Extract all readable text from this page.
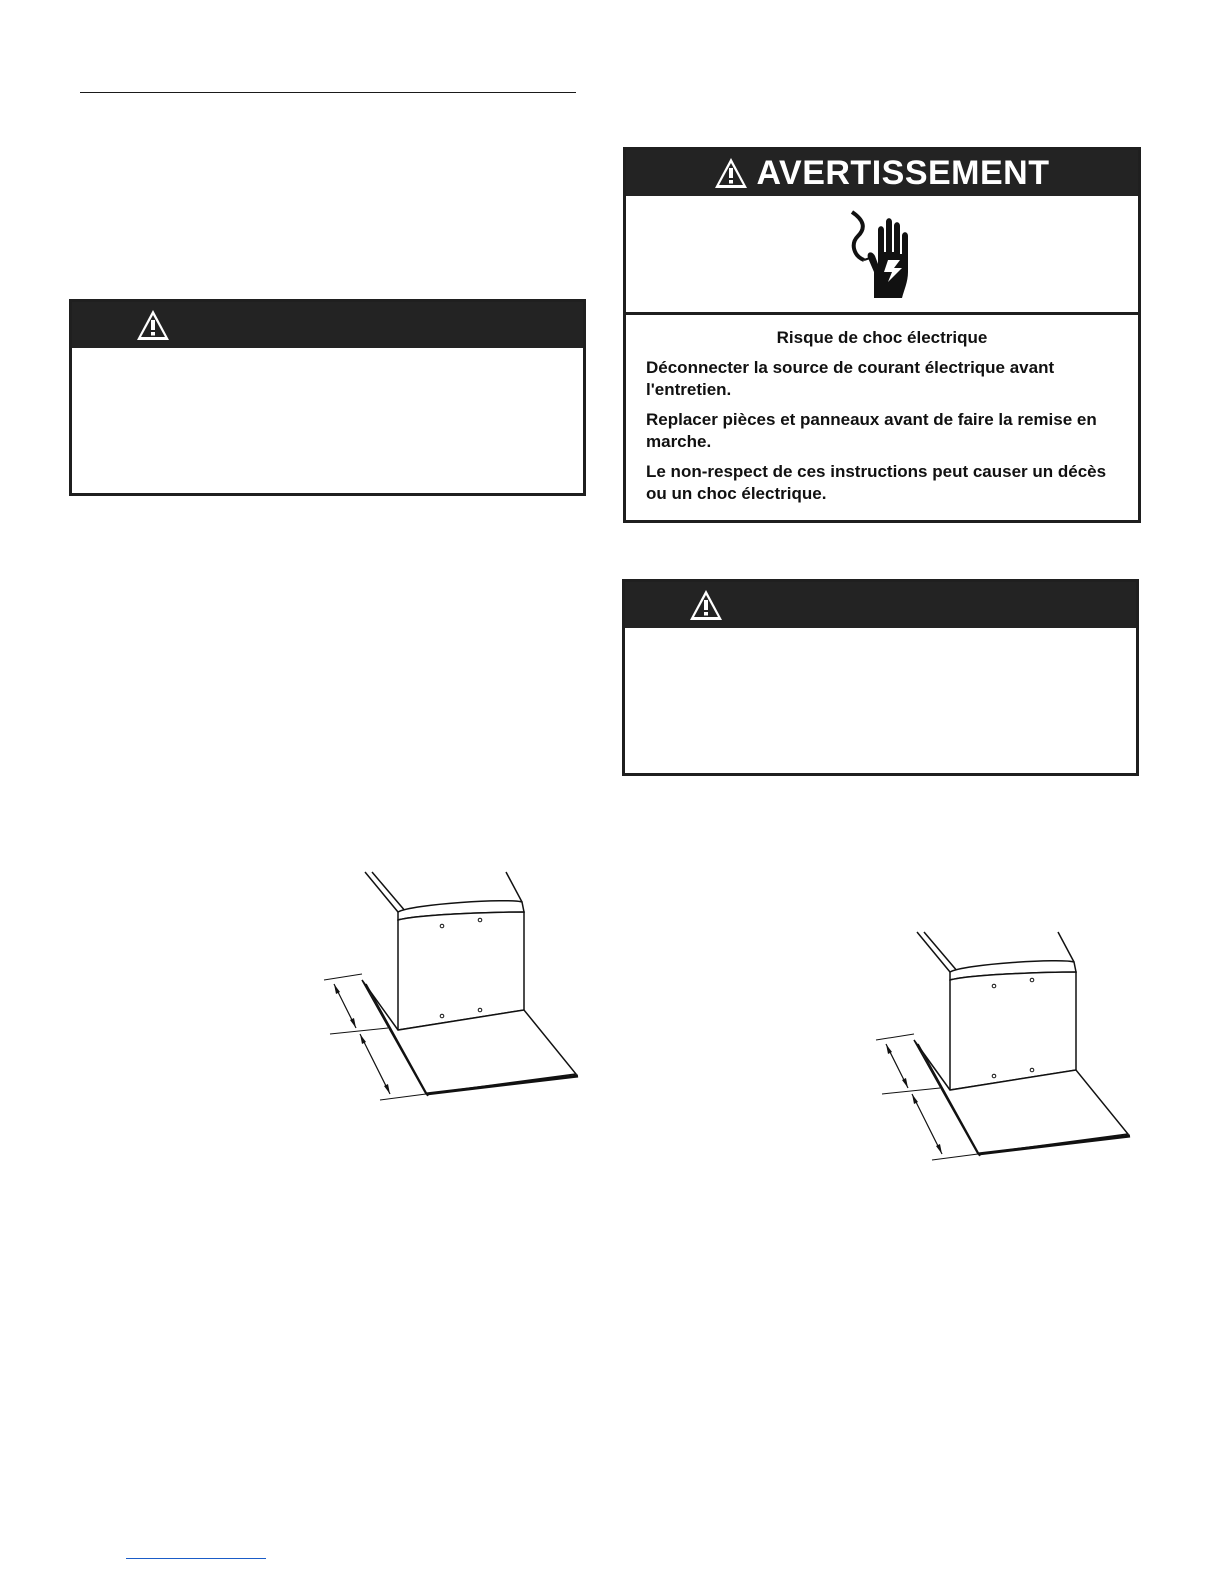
AVERTISSEMENT
Risque de choc électrique

Déconnecter la source de courant électrique avant l'entretien.

Replacer pièces et panneaux avant de faire la remise en marche.

Le non-respect de ces instructions peut causer un décès ou un choc électrique.
